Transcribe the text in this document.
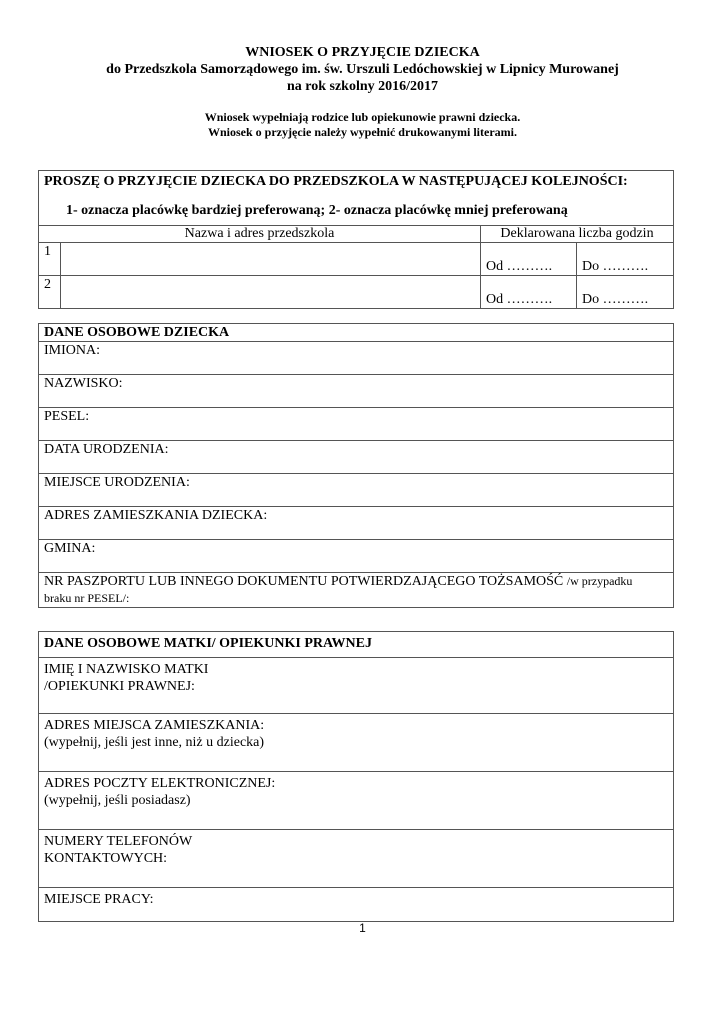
WNIOSEK O PRZYJĘCIE DZIECKA
do Przedszkola Samorządowego im. św. Urszuli Ledóchowskiej w Lipnicy Murowanej
na rok szkolny 2016/2017
Wniosek wypełniają rodzice lub opiekunowie prawni dziecka.
Wniosek o przyjęcie należy wypełnić drukowanymi literami.
PROSZĘ O PRZYJĘCIE DZIECKA DO PRZEDSZKOLA W NASTĘPUJĄCEJ KOLEJNOŚCI:
1- oznacza placówkę bardziej preferowaną; 2- oznacza placówkę mniej preferowaną			

Nazwa i adres przedszkola		Deklarowana liczba godzin	
1		Od ……….	Do ……….
2		Od ……….	Do ……….
DANE OSOBOWE DZIECKA
IMIONA:
NAZWISKO:
PESEL:
DATA URODZENIA:
MIEJSCE URODZENIA:
ADRES ZAMIESZKANIA DZIECKA:
GMINA:
NR PASZPORTU LUB INNEGO DOKUMENTU POTWIERDZAJĄCEGO TOŻSAMOŚĆ /w przypadku
braku nr PESEL/:
DANE OSOBOWE MATKI/ OPIEKUNKI PRAWNEJ
IMIĘ I NAZWISKO MATKI
/OPIEKUNKI PRAWNEJ:
ADRES MIEJSCA ZAMIESZKANIA:
(wypełnij, jeśli jest inne, niż u dziecka)
ADRES POCZTY ELEKTRONICZNEJ:
(wypełnij, jeśli posiadasz)
NUMERY TELEFONÓW
KONTAKTOWYCH:
MIEJSCE PRACY:
1
